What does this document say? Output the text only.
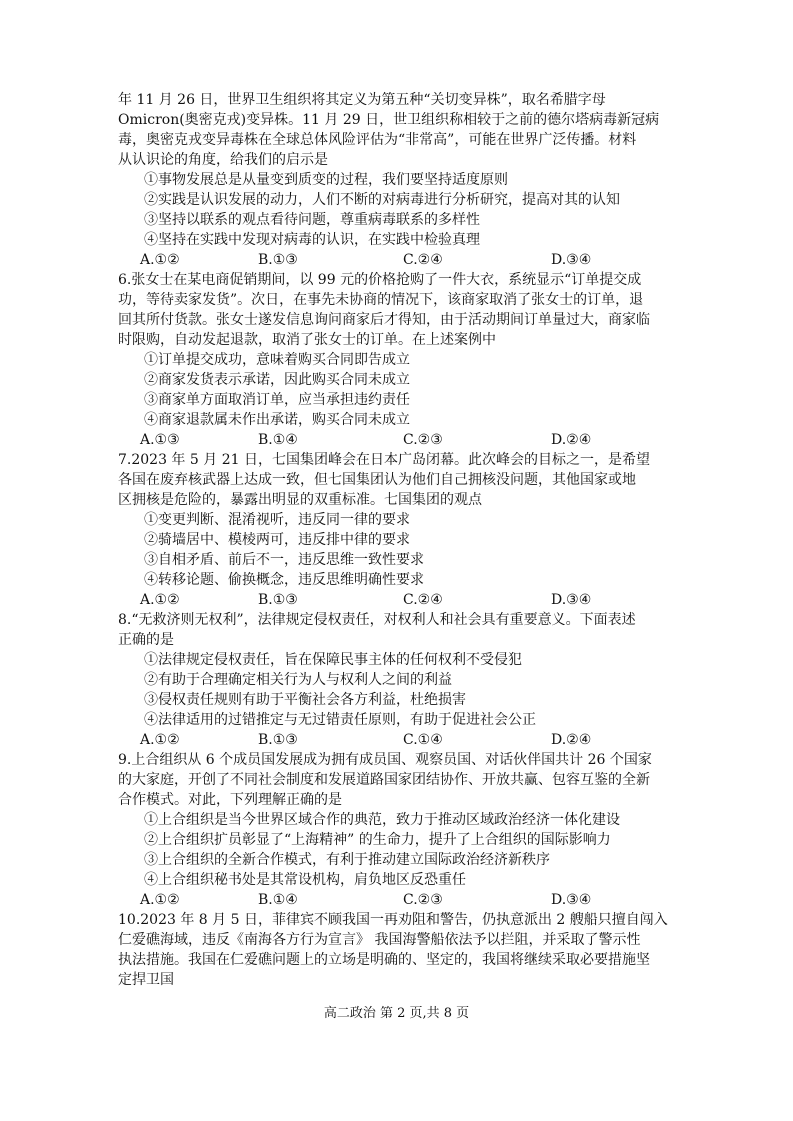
年 11 月 26 日，世界卫生组织将其定义为第五种“关切变异株”，取名希腊字母
Omicron(奥密克戎)变异株。11 月 29 日，世卫组织称相较于之前的德尔塔病毒新冠病
毒，奥密克戎变异毒株在全球总体风险评估为“非常高”，可能在世界广泛传播。材料
从认识论的角度，给我们的启示是
①事物发展总是从量变到质变的过程，我们要坚持适度原则
②实践是认识发展的动力，人们不断的对病毒进行分析研究，提高对其的认知
③坚持以联系的观点看待问题，尊重病毒联系的多样性
④坚持在实践中发现对病毒的认识，在实践中检验真理
A.①②	B.①③	C.②④	D.③④
6.张女士在某电商促销期间，以 99 元的价格抢购了一件大衣，系统显示“订单提交成
功，等待卖家发货”。次日，在事先未协商的情况下，该商家取消了张女士的订单，退
回其所付货款。张女士遂发信息询问商家后才得知，由于活动期间订单量过大，商家临
时限购，自动发起退款，取消了张女士的订单。在上述案例中
①订单提交成功，意味着购买合同即告成立
②商家发货表示承诺，因此购买合同未成立
③商家单方面取消订单，应当承担违约责任
④商家退款属未作出承诺，购买合同未成立
A.①③	B.①④	C.②③	D.②④
7.2023 年 5 月 21 日，七国集团峰会在日本广岛闭幕。此次峰会的目标之一，是希望
各国在废弃核武器上达成一致，但七国集团认为他们自己拥核没问题，其他国家或地
区拥核是危险的，暴露出明显的双重标准。七国集团的观点
①变更判断、混淆视听，违反同一律的要求
②骑墙居中、模棱两可，违反排中律的要求
③自相矛盾、前后不一，违反思维一致性要求
④转移论题、偷换概念，违反思维明确性要求
A.①②	B.①③	C.②④	D.③④
8.“无救济则无权利”，法律规定侵权责任，对权利人和社会具有重要意义。下面表述
正确的是
①法律规定侵权责任，旨在保障民事主体的任何权利不受侵犯
②有助于合理确定相关行为人与权利人之间的利益
③侵权责任规则有助于平衡社会各方利益，杜绝损害
④法律适用的过错推定与无过错责任原则，有助于促进社会公正
A.①②	B.①③	C.①④	D.②④
9.上合组织从 6 个成员国发展成为拥有成员国、观察员国、对话伙伴国共计 26 个国家
的大家庭，开创了不同社会制度和发展道路国家团结协作、开放共赢、包容互鉴的全新
合作模式。对此，下列理解正确的是
①上合组织是当今世界区域合作的典范，致力于推动区域政治经济一体化建设
②上合组织扩员彰显了“上海精神” 的生命力，提升了上合组织的国际影响力
③上合组织的全新合作模式，有利于推动建立国际政治经济新秩序
④上合组织秘书处是其常设机构，肩负地区反恐重任
A.①②	B.①④	C.②③	D.③④
10.2023 年 8 月 5 日，菲律宾不顾我国一再劝阻和警告，仍执意派出 2 艘船只擅自闯入
仁爱礁海域，违反《南海各方行为宣言》 我国海警船依法予以拦阻，并采取了警示性
执法措施。我国在仁爱礁问题上的立场是明确的、坚定的，我国将继续采取必要措施坚
定捍卫国
高二政治 第 2 页,共 8 页
